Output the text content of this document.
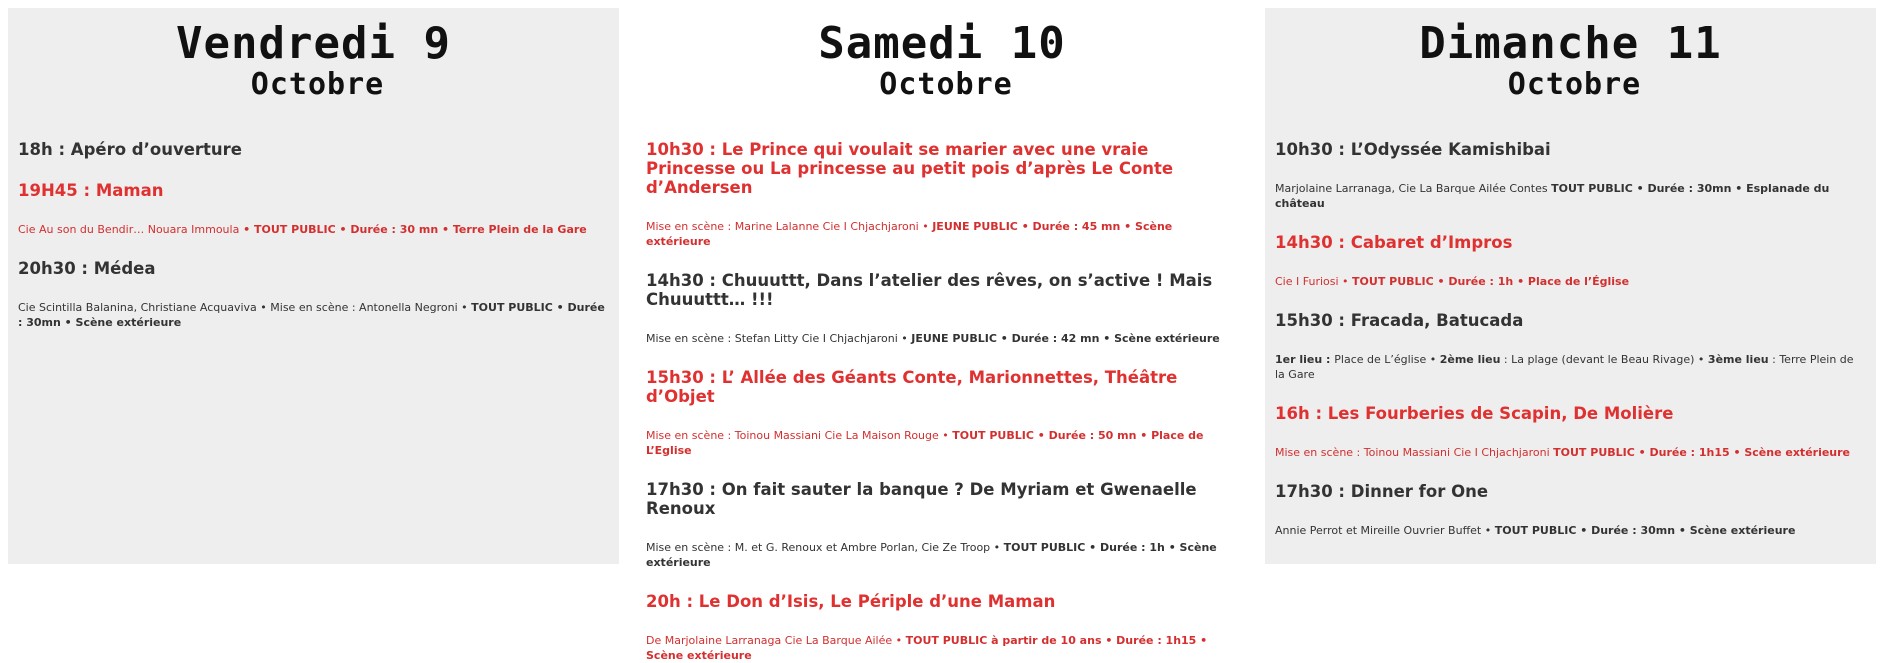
Vendredi 9
Octobre
18h : Apéro d’ouverture
19H45 : Maman
Cie Au son du Bendir… Nouara Immoula • TOUT PUBLIC • Durée : 30 mn • Terre Plein de la Gare
20h30 : Médea
Cie Scintilla Balanina, Christiane Acquaviva • Mise en scène : Antonella Negroni • TOUT PUBLIC • Durée : 30mn • Scène extérieure
Samedi 10
Octobre
10h30 : Le Prince qui voulait se marier avec une vraie Princesse ou La princesse au petit pois d’après Le Conte d’Andersen
Mise en scène : Marine Lalanne Cie I Chjachjaroni • JEUNE PUBLIC • Durée : 45 mn • Scène extérieure
14h30 : Chuuuttt, Dans l’atelier des rêves, on s’active ! Mais Chuuuttt… !!!
Mise en scène : Stefan Litty Cie I Chjachjaroni • JEUNE PUBLIC • Durée : 42 mn • Scène extérieure
15h30 : L’ Allée des Géants Conte, Marionnettes, Théâtre d’Objet
Mise en scène : Toinou Massiani Cie La Maison Rouge • TOUT PUBLIC • Durée : 50 mn • Place de L’Eglise
17h30 : On fait sauter la banque ? De Myriam et Gwenaelle Renoux
Mise en scène : M. et G. Renoux et Ambre Porlan, Cie Ze Troop • TOUT PUBLIC • Durée : 1h • Scène extérieure
20h : Le Don d’Isis, Le Périple d’une Maman
De Marjolaine Larranaga Cie La Barque Ailée • TOUT PUBLIC à partir de 10 ans • Durée : 1h15 • Scène extérieure
Dimanche 11
Octobre
10h30 : L’Odyssée Kamishibai
Marjolaine Larranaga, Cie La Barque Ailée Contes TOUT PUBLIC • Durée : 30mn • Esplanade du château
14h30 : Cabaret d’Impros
Cie I Furiosi • TOUT PUBLIC • Durée : 1h • Place de l’Église
15h30 : Fracada, Batucada
1er lieu : Place de L’église • 2ème lieu : La plage (devant le Beau Rivage) • 3ème lieu : Terre Plein de la Gare
16h : Les Fourberies de Scapin, De Molière
Mise en scène : Toinou Massiani Cie I Chjachjaroni TOUT PUBLIC • Durée : 1h15 • Scène extérieure
17h30 : Dinner for One
Annie Perrot et Mireille Ouvrier Buffet • TOUT PUBLIC • Durée : 30mn • Scène extérieure
